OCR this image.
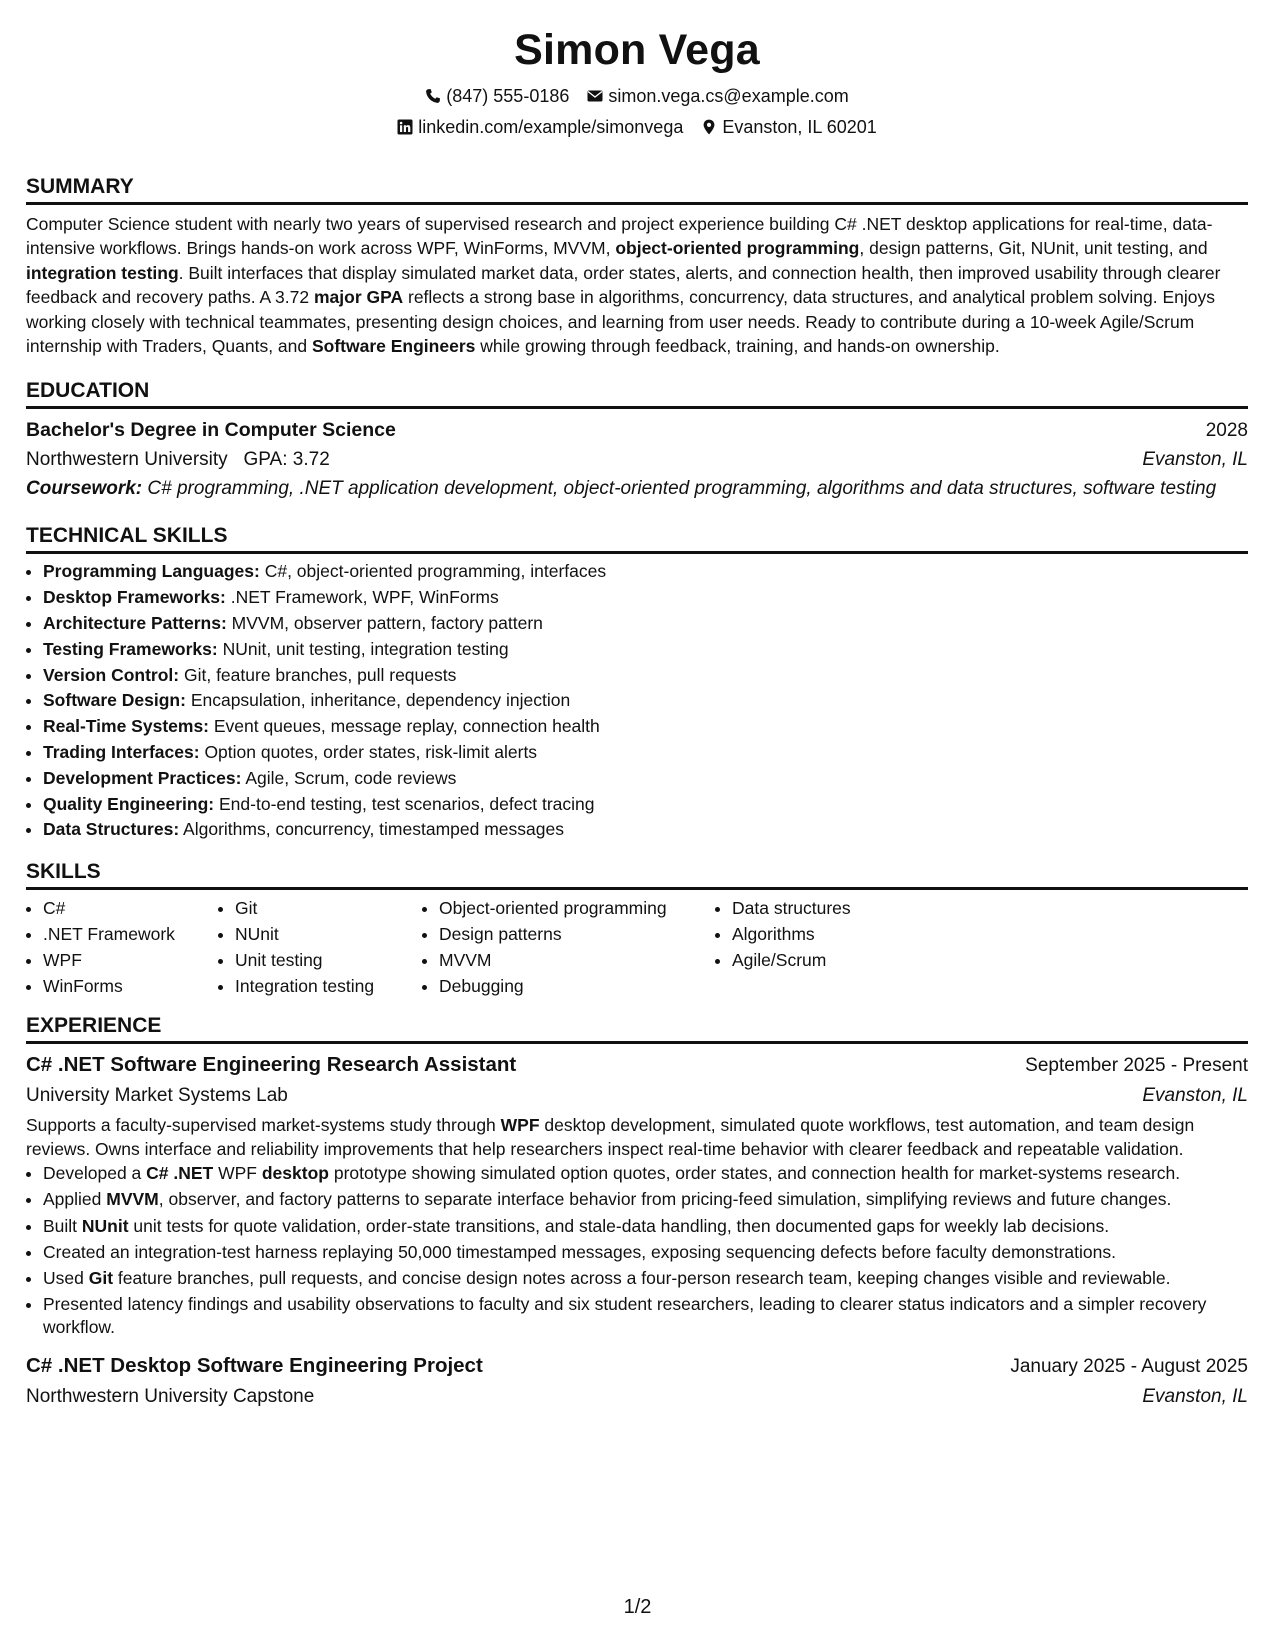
Simon Vega
(847) 555-0186 simon.vega.cs@example.com
linkedin.com/example/simonvega Evanston, IL 60201
SUMMARY
Computer Science student with nearly two years of supervised research and project experience building C# .NET desktop applications for real-time, data-intensive workflows. Brings hands-on work across WPF, WinForms, MVVM, object-oriented programming, design patterns, Git, NUnit, unit testing, and integration testing. Built interfaces that display simulated market data, order states, alerts, and connection health, then improved usability through clearer feedback and recovery paths. A 3.72 major GPA reflects a strong base in algorithms, concurrency, data structures, and analytical problem solving. Enjoys working closely with technical teammates, presenting design choices, and learning from user needs. Ready to contribute during a 10-week Agile/Scrum internship with Traders, Quants, and Software Engineers while growing through feedback, training, and hands-on ownership.
EDUCATION
Bachelor's Degree in Computer Science	2028
Northwestern University GPA: 3.72	Evanston, IL
Coursework: C# programming, .NET application development, object-oriented programming, algorithms and data structures, software testing
TECHNICAL SKILLS
• Programming Languages: C#, object-oriented programming, interfaces
• Desktop Frameworks: .NET Framework, WPF, WinForms
• Architecture Patterns: MVVM, observer pattern, factory pattern
• Testing Frameworks: NUnit, unit testing, integration testing
• Version Control: Git, feature branches, pull requests
• Software Design: Encapsulation, inheritance, dependency injection
• Real-Time Systems: Event queues, message replay, connection health
• Trading Interfaces: Option quotes, order states, risk-limit alerts
• Development Practices: Agile, Scrum, code reviews
• Quality Engineering: End-to-end testing, test scenarios, defect tracing
• Data Structures: Algorithms, concurrency, timestamped messages
SKILLS
• C#
• .NET Framework
• WPF
• WinForms
• Git
• NUnit
• Unit testing
• Integration testing
• Object-oriented programming
• Design patterns
• MVVM
• Debugging
• Data structures
• Algorithms
• Agile/Scrum
EXPERIENCE
C# .NET Software Engineering Research Assistant	September 2025 - Present
University Market Systems Lab	Evanston, IL
Supports a faculty-supervised market-systems study through WPF desktop development, simulated quote workflows, test automation, and team design reviews. Owns interface and reliability improvements that help researchers inspect real-time behavior with clearer feedback and repeatable validation.
• Developed a C# .NET WPF desktop prototype showing simulated option quotes, order states, and connection health for market-systems research.
• Applied MVVM, observer, and factory patterns to separate interface behavior from pricing-feed simulation, simplifying reviews and future changes.
• Built NUnit unit tests for quote validation, order-state transitions, and stale-data handling, then documented gaps for weekly lab decisions.
• Created an integration-test harness replaying 50,000 timestamped messages, exposing sequencing defects before faculty demonstrations.
• Used Git feature branches, pull requests, and concise design notes across a four-person research team, keeping changes visible and reviewable.
• Presented latency findings and usability observations to faculty and six student researchers, leading to clearer status indicators and a simpler recovery workflow.
C# .NET Desktop Software Engineering Project	January 2025 - August 2025
Northwestern University Capstone	Evanston, IL
1/2
